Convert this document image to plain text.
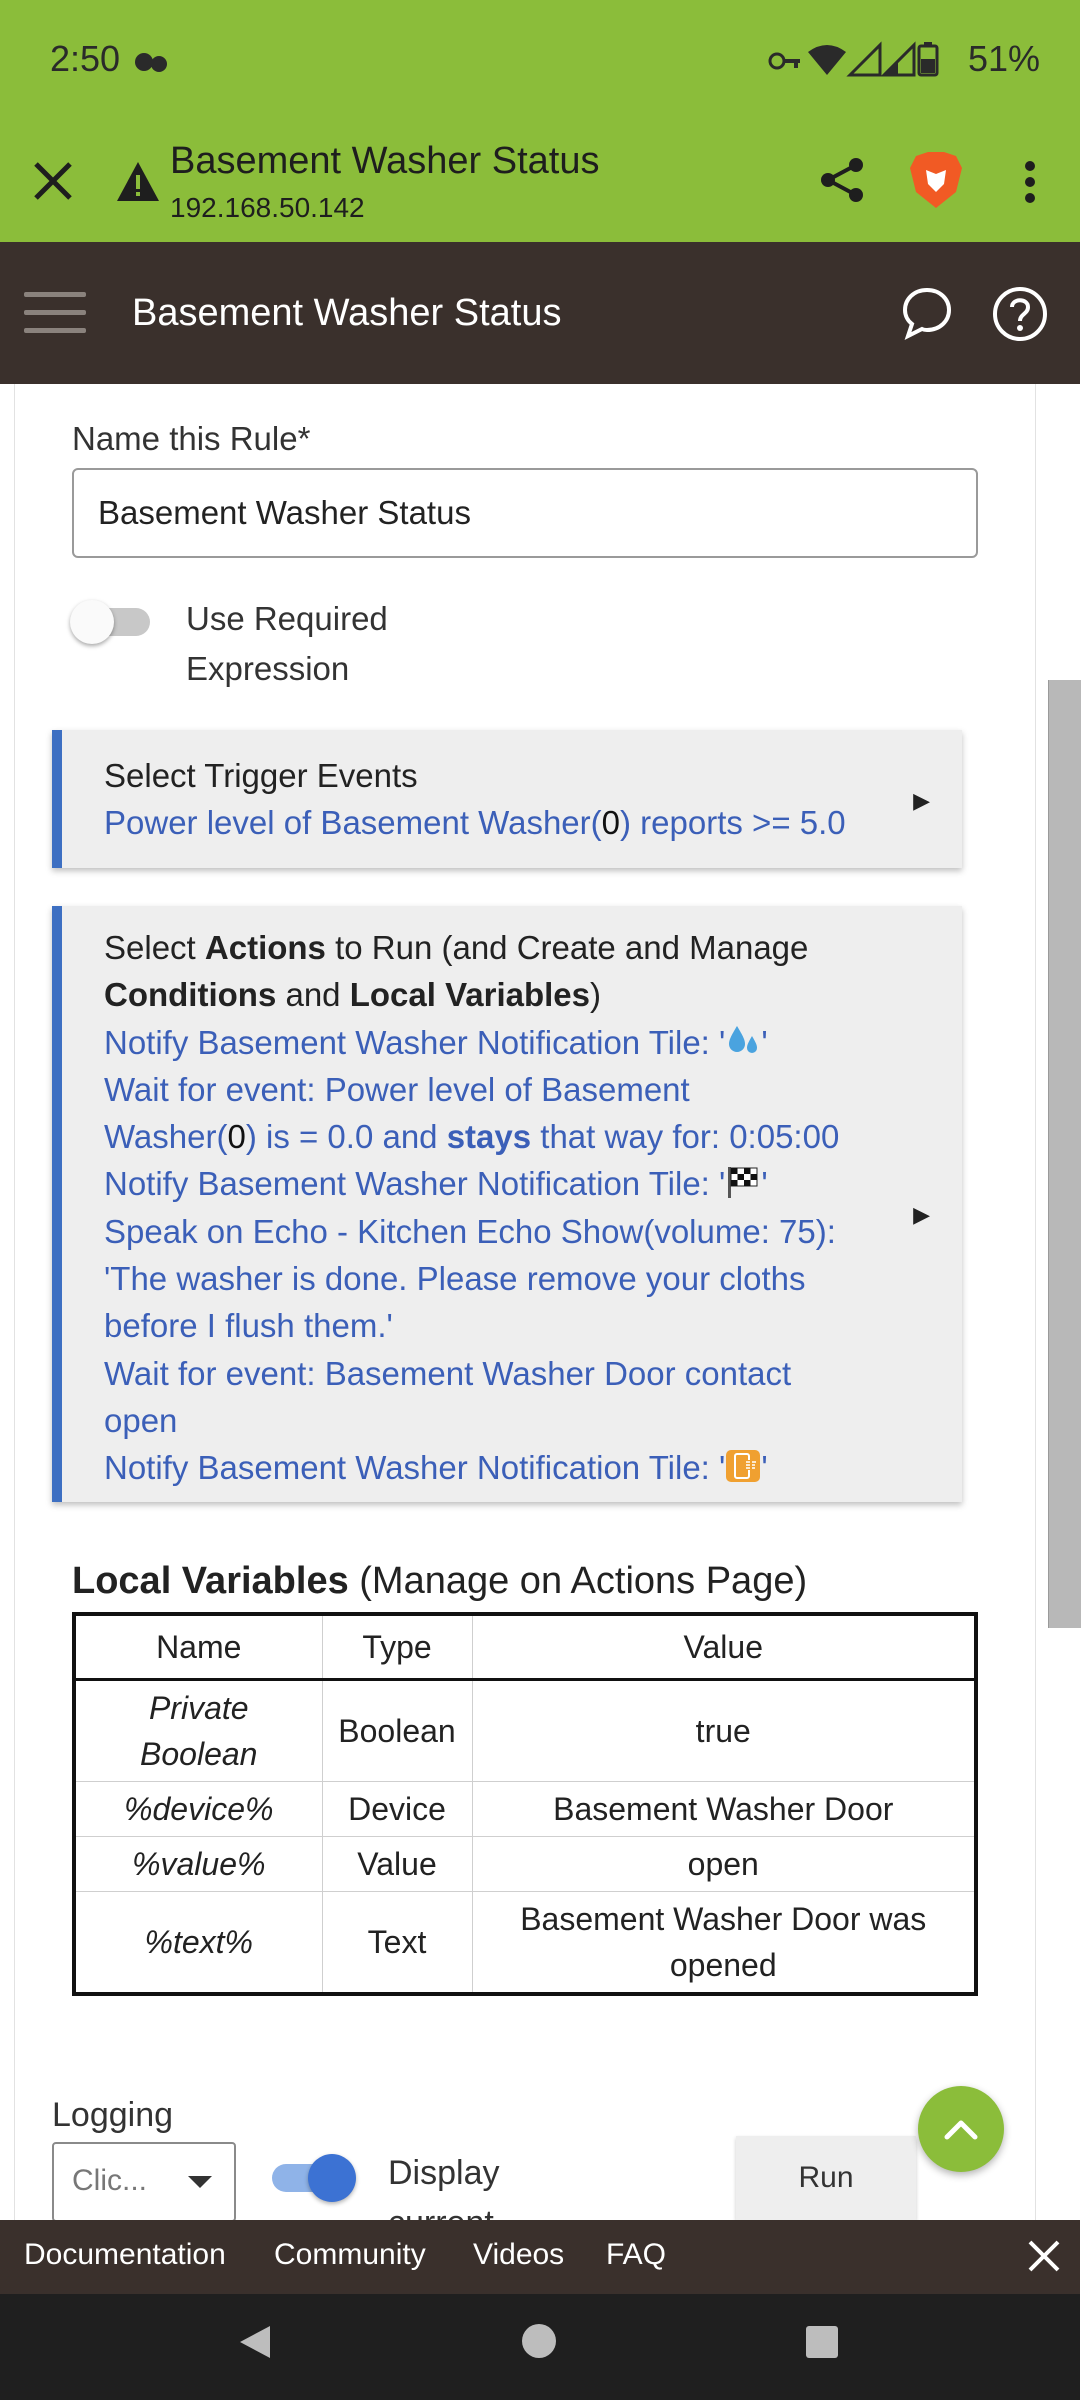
2:50	51%
Basement Washer Status
192.168.50.142
Basement Washer Status
Name this Rule*
Basement Washer Status
Use Required
Expression
Select Trigger Events
Power level of Basement Washer(0) reports >= 5.0
▶
Select Actions to Run (and Create and Manage
Conditions and Local Variables)
Notify Basement Washer Notification Tile: ' '
Wait for event: Power level of Basement
Washer(0) is = 0.0 and stays that way for: 0:05:00
Notify Basement Washer Notification Tile: ' '
Speak on Echo - Kitchen Echo Show(volume: 75):
'The washer is done. Please remove your cloths
before I flush them.'
Wait for event: Basement Washer Door contact
open
Notify Basement Washer Notification Tile: ' '
▶
Local Variables (Manage on Actions Page)
Name	Type	Value

Private
Boolean	Boolean	true
%device%	Device	Basement Washer Door
%value%	Value	open
%text%	Text	Basement Washer Door was
opened
Logging
Clic...	Display	Run
Documentation Community Videos FAQ
